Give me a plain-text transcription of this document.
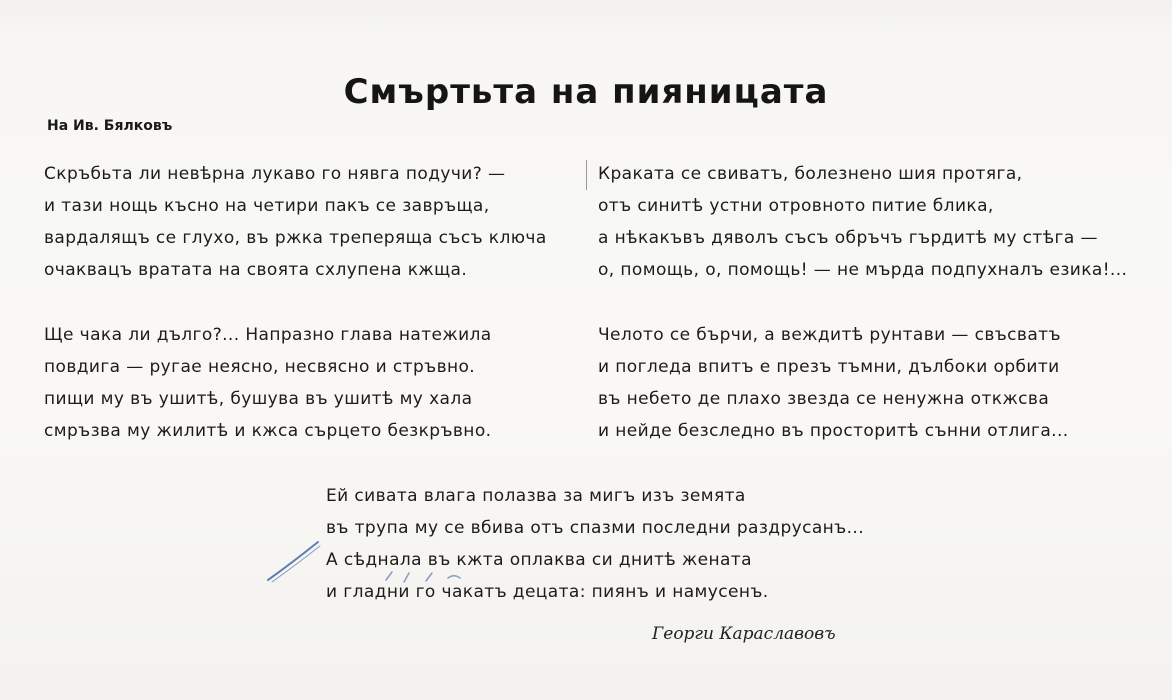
Смъртьта на пияницата
На Ив. Бялковъ
Скръбьта ли невѣрна лукаво го нявга подучи? —
и тази нощь късно на четири пакъ се завръща,
вардалящъ се глухо, въ ржка треперяща съсъ ключа
очаквацъ вратата на своята схлупена кжща.
Краката се свиватъ, болезнено шия протяга,
отъ синитѣ устни отровното питие блика,
а нѣкакъвъ дяволъ съсъ обръчъ гърдитѣ му стѣга —
о, помощь, о, помощь! — не мърда подпухналъ езика!...
Ще чака ли дълго?... Напразно глава натежила
повдига — ругае неясно, несвясно и стръвно.
пищи му въ ушитѣ, бушува въ ушитѣ му хала
смръзва му жилитѣ и кжса сърцето безкръвно.
Челото се бърчи, а веждитѣ рунтави — свъсватъ
и погледа впитъ е презъ тъмни, дълбоки орбити
въ небето де плахо звезда се ненужна откжсва
и нейде безследно въ просторитѣ сънни отлига...
Ей сивата влага полазва за мигъ изъ земята
въ трупа му се вбива отъ спазми последни раздрусанъ...
А сѣднала въ кжта оплаква си днитѣ жената
и гладни го чакатъ децата: пиянъ и намусенъ.
Георги Караславовъ
